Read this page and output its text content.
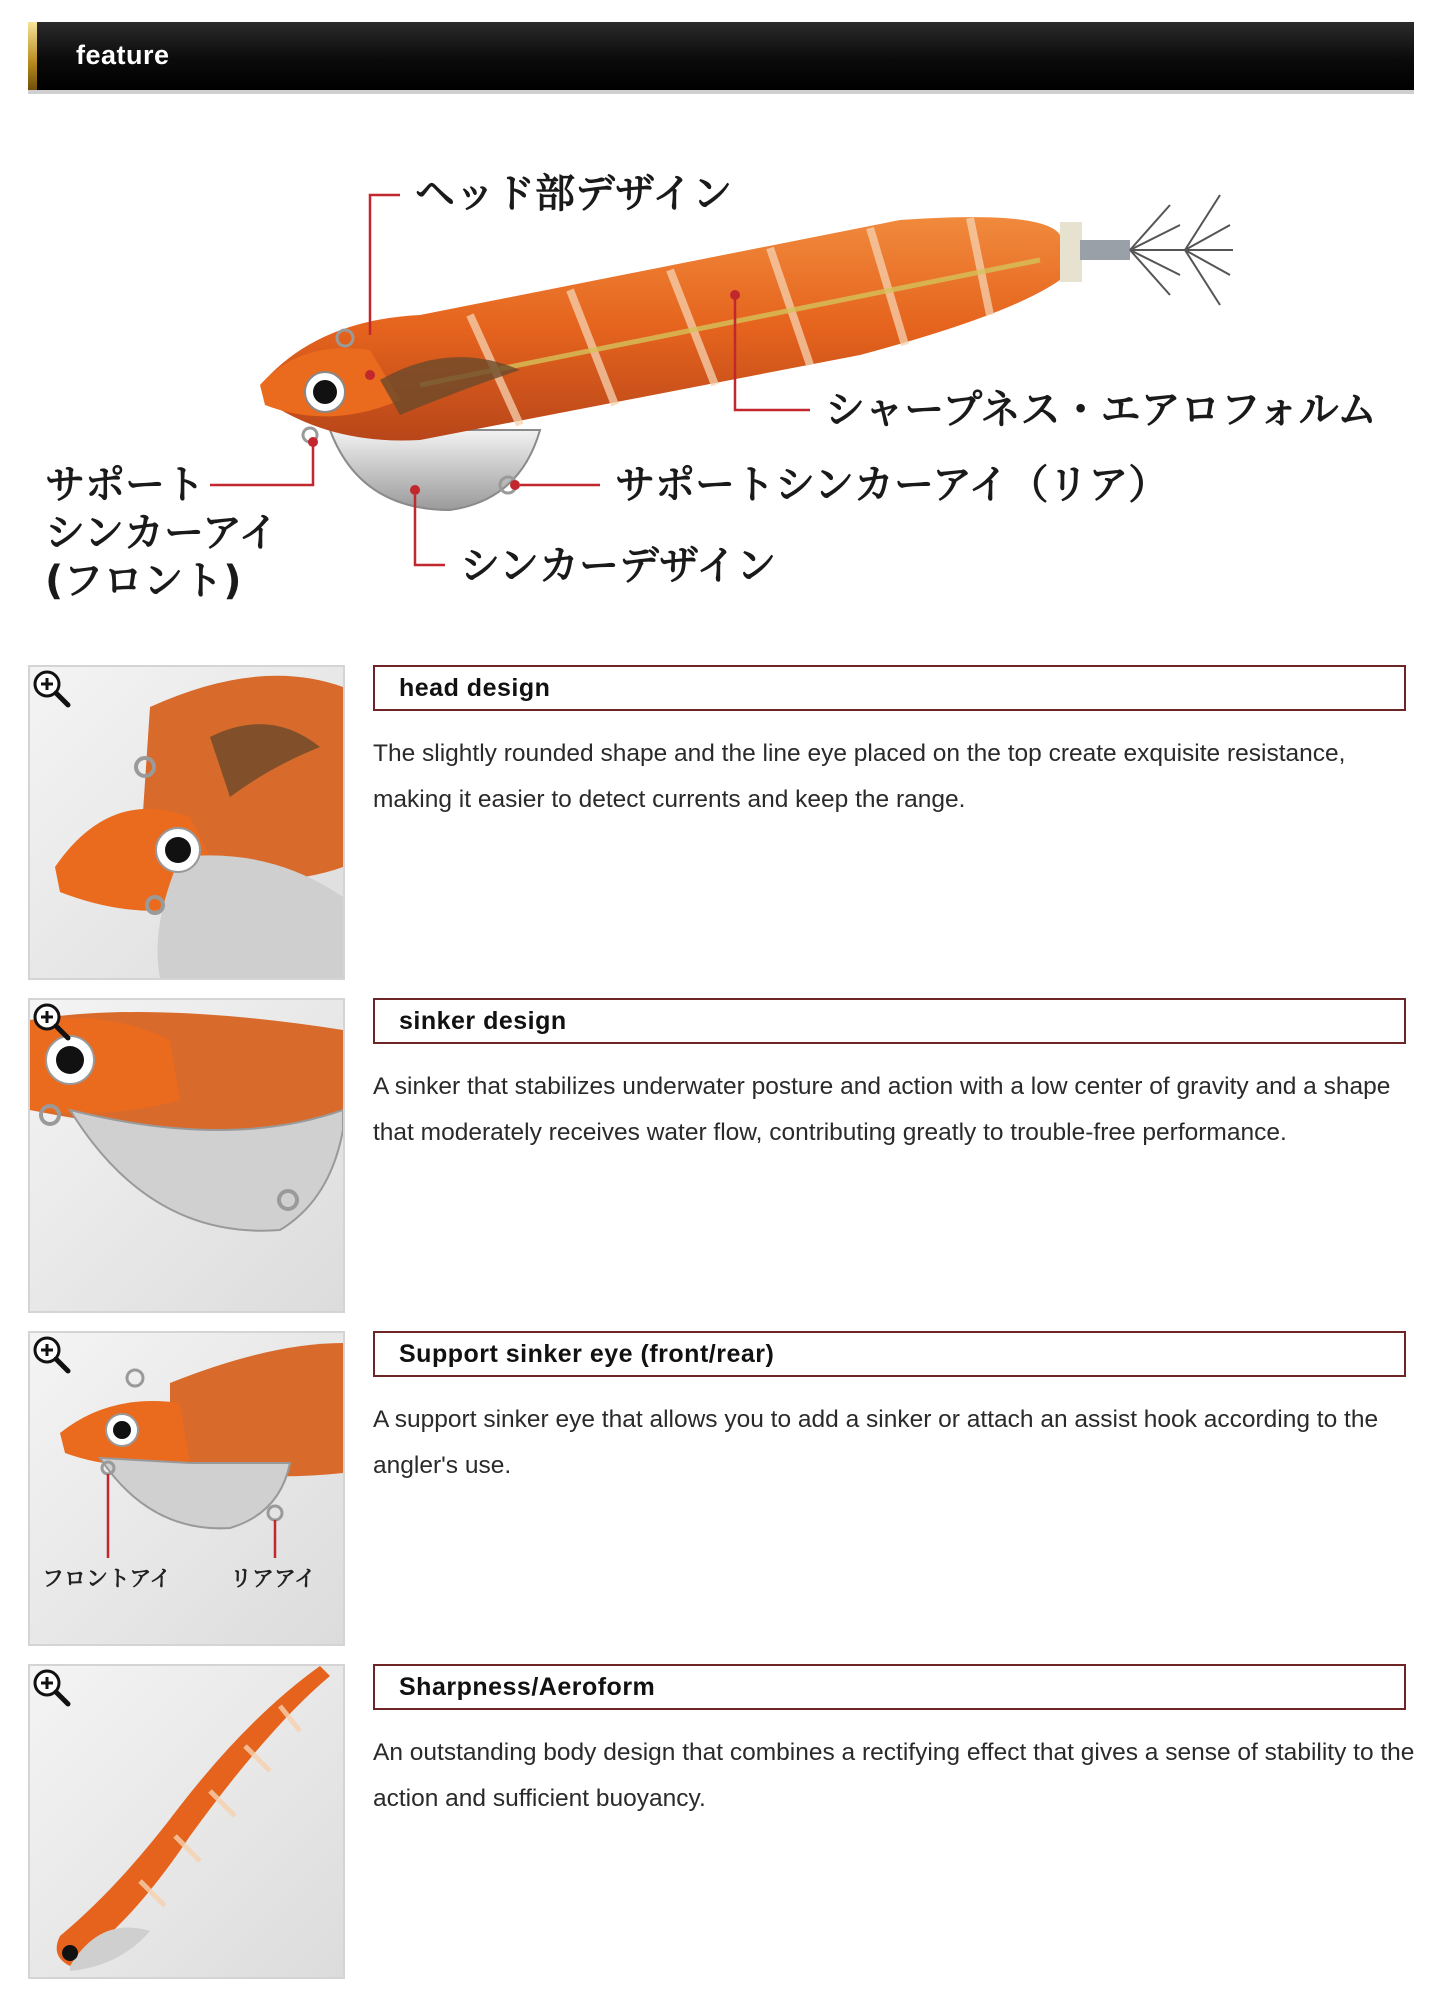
feature
ヘッド部デザイン
シャープネス・エアロフォルム
サポート
シンカーアイ
(フロント)
サポートシンカーアイ（リア）
シンカーデザイン
head design
The slightly rounded shape and the line eye placed on the top create exquisite resistance, making it easier to detect currents and keep the range.
sinker design
A sinker that stabilizes underwater posture and action with a low center of gravity and a shape that moderately receives water flow, contributing greatly to trouble-free performance.
フロントアイ	リアアイ
Support sinker eye (front/rear)
A support sinker eye that allows you to add a sinker or attach an assist hook according to the angler's use.
Sharpness/Aeroform
An outstanding body design that combines a rectifying effect that gives a sense of stability to the action and sufficient buoyancy.
